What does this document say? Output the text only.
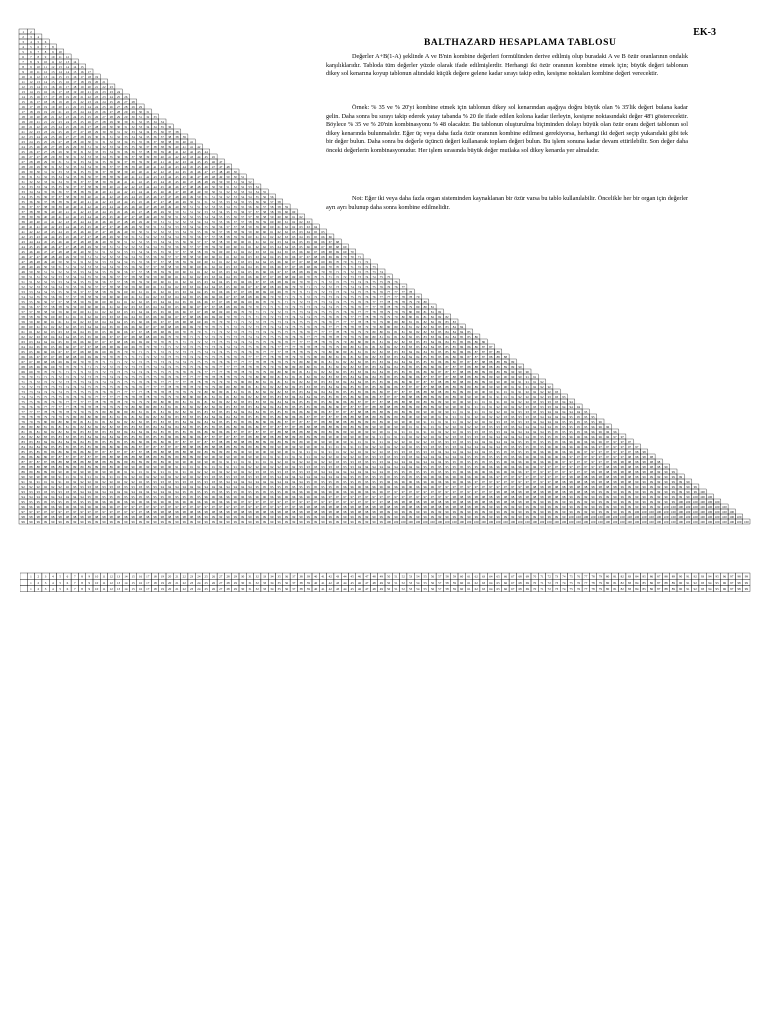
1 2
2 3 4
3 4 5 6
4 5 6 7 8
5 6 7 8 9 10
6 7 8 9 10 11 12
7 8 9 10 11 12 13 14
8 9 10 11 12 13 14 14 15
9 10 11 12 13 14 14 15 16 17
10 11 12 13 14 15 15 16 17 18 19
11 12 13 14 15 15 16 17 18 19 20 21
12 13 14 15 16 16 17 18 19 20 21 22 23
13 14 15 16 16 17 18 19 20 21 22 23 23 24
14 15 16 17 17 18 19 20 21 22 23 23 24 25 26
15 16 17 18 18 19 20 21 22 23 24 24 25 26 27 28
16 17 18 19 19 20 21 22 23 24 24 25 26 27 28 29 29
17 18 19 19 20 21 22 23 24 24 25 26 27 28 29 29 30 31
18 19 20 20 21 22 23 24 25 25 26 27 28 29 29 30 31 32 33
19 20 21 21 22 23 24 25 25 26 27 28 29 30 30 31 32 33 34 34
20 21 22 22 23 24 25 26 26 27 28 29 30 30 31 32 33 34 34 35 36
21 22 23 23 24 25 26 27 27 28 29 30 30 31 32 33 34 34 35 36 37 38
22 23 24 24 25 26 27 27 28 29 30 31 31 32 33 34 34 35 36 37 38 38 39
23 24 25 25 26 27 28 28 29 30 31 31 32 33 34 35 35 36 37 38 38 39 40 41
24 25 26 26 27 28 29 29 30 31 32 32 33 34 35 35 36 37 38 38 39 40 41 41 42
25 26 27 27 28 29 30 30 31 32 33 33 34 35 36 36 37 38 39 39 40 41 42 42 43 44
26 27 27 28 29 30 30 31 32 33 33 34 35 36 36 37 38 39 39 40 41 42 42 43 44 45 45
27 28 28 29 30 31 31 32 33 34 34 35 36 36 37 38 39 39 40 41 42 42 43 44 45 45 46 47
28 29 29 30 31 32 32 33 34 34 35 36 37 37 38 39 40 40 41 42 42 43 44 45 45 46 47 47 48
29 30 30 31 32 33 33 34 35 35 36 37 38 38 39 40 40 41 42 42 43 44 45 45 46 47 47 48 49 50
30 31 31 32 33 34 34 35 36 36 37 38 38 39 40 41 41 42 43 43 44 45 45 46 47 48 48 49 50 50 51
31 32 32 33 34 34 35 36 37 37 38 39 39 40 41 41 42 43 43 44 45 45 46 47 48 48 49 50 50 51 52 52
32 33 33 34 35 35 36 37 37 38 39 39 40 41 42 42 43 44 44 45 46 46 47 48 48 49 50 50 51 52 52 53 54
33 34 34 35 36 36 37 38 38 39 40 40 41 42 42 43 44 44 45 46 46 47 48 48 49 50 50 51 52 52 53 54 54 55
34 35 35 36 37 37 38 39 39 40 41 41 42 43 43 44 45 45 46 47 47 48 49 49 50 51 51 52 52 53 54 54 55 56 56
35 36 36 37 38 38 39 40 40 41 42 42 43 43 44 45 45 46 47 47 48 49 49 50 51 51 52 53 53 54 55 55 56 56 57 58
36 37 37 38 39 39 40 40 41 42 42 43 44 44 45 46 46 47 48 48 49 49 50 51 51 52 53 53 54 55 55 56 56 57 58 58 59
37 38 38 39 40 40 41 41 42 43 43 44 45 45 46 46 47 48 48 49 50 50 51 51 52 53 53 54 55 55 56 57 57 58 58 59 60 60
38 39 39 40 40 41 42 42 43 44 44 45 45 46 47 47 48 49 49 50 50 51 52 52 53 54 54 55 55 56 57 57 58 58 59 60 60 61 62
39 40 40 41 41 42 43 43 44 44 45 46 46 47 48 48 49 49 50 51 51 52 52 53 54 54 55 55 56 57 57 58 59 59 60 60 61 62 62 63
40 41 41 42 42 43 44 44 45 45 46 47 47 48 48 49 50 50 51 51 52 53 53 54 54 55 56 56 57 57 58 59 59 60 60 61 62 62 63 63 64
41 42 42 43 43 44 45 45 46 46 47 47 48 49 49 50 50 51 52 52 53 53 54 55 55 56 56 57 58 58 59 59 60 60 61 62 62 63 63 64 65 65
42 43 43 44 44 45 45 46 47 47 48 48 49 50 50 51 51 52 52 53 54 54 55 55 56 57 57 58 58 59 59 60 61 61 62 62 63 63 64 65 65 66 66
43 44 44 45 45 46 46 47 48 48 49 49 50 50 51 52 52 53 53 54 54 55 56 56 57 57 58 58 59 60 60 61 61 62 62 63 64 64 65 65 66 66 67 68
44 45 45 46 46 47 47 48 48 49 50 50 51 51 52 52 53 54 54 55 55 56 56 57 57 58 59 59 60 60 61 61 62 62 63 64 64 65 65 66 66 67 68 68 69
45 46 46 47 47 48 48 49 49 50 51 51 52 52 53 53 54 54 55 55 56 57 57 58 58 59 59 60 60 61 62 62 63 63 64 64 65 65 66 66 67 68 68 69 69 70
46 47 47 48 48 49 49 50 50 51 51 52 52 53 54 54 55 55 56 56 57 57 58 58 59 60 60 61 61 62 62 63 63 64 64 65 65 66 67 67 68 68 69 69 70 70 71
47 48 48 49 49 50 50 51 51 52 52 53 53 54 54 55 55 56 57 57 58 58 59 59 60 60 61 61 62 62 63 63 64 64 65 66 66 67 67 68 68 69 69 70 70 71 71 72
48 49 49 50 50 51 51 52 52 53 53 54 54 55 55 56 56 57 57 58 58 59 59 60 60 61 62 62 63 63 64 64 65 65 66 66 67 67 68 68 69 69 70 70 71 71 72 72 73
49 50 50 51 51 52 52 53 53 54 54 55 55 56 56 57 57 58 58 59 59 60 60 61 61 62 62 63 63 64 64 65 65 66 66 67 67 68 68 69 69 70 70 71 71 72 72 73 73 74
50 51 51 52 52 53 53 54 54 55 55 56 56 57 57 58 58 59 59 60 60 61 61 62 62 63 63 64 64 65 65 66 66 67 67 68 68 69 69 70 70 71 71 72 72 73 73 74 74 75 75
51 51 52 52 53 53 54 54 55 55 56 56 57 57 58 58 59 59 60 60 61 61 62 62 63 63 64 64 65 65 66 66 67 67 68 68 69 69 70 70 71 71 72 72 73 73 74 74 75 75 76 76
52 52 53 53 54 54 55 55 56 56 57 57 58 58 59 59 60 60 61 61 62 62 63 63 64 64 64 65 65 66 66 67 67 68 68 69 69 70 70 71 71 72 72 73 73 74 74 75 75 76 76 76 77
53 53 54 54 55 55 56 56 57 57 58 58 59 59 60 60 61 61 61 62 62 63 63 64 64 65 65 66 66 67 67 68 68 69 69 69 70 70 71 71 72 72 73 73 74 74 75 75 76 76 77 77 77 78
54 54 55 55 56 56 57 57 58 58 59 59 60 60 60 61 61 62 62 63 63 64 64 65 65 66 66 66 67 67 68 68 69 69 70 70 71 71 71 72 72 73 73 74 74 75 75 76 76 77 77 77 78 78 79
55 55 56 56 57 57 58 58 59 59 60 60 60 61 61 62 62 63 63 64 64 64 65 65 66 66 67 67 68 68 69 69 69 70 70 71 71 72 72 73 73 73 74 74 75 75 76 76 77 77 78 78 78 79 79 80
56 56 57 57 58 58 59 59 60 60 60 61 61 62 62 63 63 63 64 64 65 65 66 66 67 67 67 68 68 69 69 70 70 71 71 71 72 72 73 73 74 74 74 75 75 76 76 77 77 78 78 78 79 79 80 80 81
57 57 58 58 59 59 60 60 60 61 61 62 62 63 63 63 64 64 65 65 66 66 66 67 67 68 68 69 69 69 70 70 71 71 72 72 72 73 73 74 74 75 75 75 76 76 77 77 78 78 79 79 79 80 80 81 81 82
58 58 59 59 60 60 61 61 61 62 62 63 63 63 64 64 65 65 66 66 66 67 67 68 68 69 69 69 70 70 71 71 71 72 72 73 73 74 74 74 75 75 76 76 76 77 77 78 78 79 79 79 80 80 81 81 82 82 82
59 59 60 60 61 61 61 62 62 63 63 64 64 64 65 65 66 66 66 67 67 68 68 68 69 69 70 70 70 71 71 72 72 73 73 73 74 74 75 75 75 76 76 77 77 77 78 78 79 79 80 80 80 81 81 82 82 82 83 83
60 60 61 61 62 62 62 63 63 64 64 64 65 65 66 66 66 67 67 68 68 68 69 69 70 70 70 71 71 72 72 72 73 73 74 74 74 75 75 76 76 76 77 77 78 78 78 79 79 80 80 80 81 81 82 82 82 83 83 84 84
61 61 62 62 63 63 63 64 64 65 65 65 66 66 66 67 67 68 68 68 69 69 70 70 70 71 71 72 72 72 73 73 73 74 74 75 75 75 76 76 77 77 77 78 78 79 79 79 80 80 81 81 81 82 82 82 83 83 84 84 84 85
62 62 63 63 64 64 64 65 65 65 66 66 67 67 67 68 68 68 69 69 70 70 70 71 71 72 72 72 73 73 73 74 74 75 75 75 76 76 76 77 77 78 78 78 79 79 79 80 80 81 81 81 82 82 83 83 83 84 84 84 85 85 86
63 63 64 64 64 65 65 66 66 66 67 67 67 68 68 69 69 69 70 70 70 71 71 72 72 72 73 73 73 74 74 74 75 75 76 76 76 77 77 77 78 78 79 79 79 80 80 80 81 81 82 82 82 83 83 83 84 84 84 85 85 86 86 86
64 64 65 65 65 66 66 67 67 67 68 68 68 69 69 69 70 70 70 71 71 72 72 72 73 73 73 74 74 74 75 75 76 76 76 77 77 77 78 78 78 79 79 79 80 80 81 81 81 82 82 82 83 83 83 84 84 85 85 85 86 86 86 87 87
65 65 66 66 66 67 67 67 68 68 69 69 69 70 70 70 71 71 71 72 72 72 73 73 73 74 74 74 75 75 76 76 76 77 77 77 78 78 78 79 79 79 80 80 80 81 81 81 82 82 83 83 83 84 84 84 85 85 85 86 86 86 87 87 87 88
66 66 67 67 67 68 68 68 69 69 69 70 70 70 71 71 71 72 72 72 73 73 73 74 74 75 75 75 76 76 76 77 77 77 78 78 78 79 79 79 80 80 80 81 81 81 82 82 82 83 83 83 84 84 84 85 85 85 86 86 86 87 87 87 88 88 88
67 67 68 68 68 69 69 69 70 70 70 71 71 71 72 72 72 73 73 73 74 74 74 75 75 75 76 76 76 77 77 77 78 78 78 79 79 79 80 80 80 81 81 81 82 82 82 83 83 83 84 84 84 84 85 85 85 86 86 86 87 87 87 88 88 88 89 89
68 68 69 69 69 70 70 70 71 71 71 72 72 72 72 73 73 73 74 74 74 75 75 75 76 76 76 77 77 77 78 78 78 79 79 79 80 80 80 80 81 81 81 82 82 82 83 83 83 84 84 84 85 85 85 86 86 86 87 87 87 88 88 88 88 89 89 89 90
69 69 70 70 70 71 71 71 71 72 72 72 73 73 73 74 74 74 75 75 75 76 76 76 76 77 77 77 78 78 78 79 79 79 80 80 80 80 81 81 81 82 82 82 83 83 83 84 84 84 85 85 85 85 86 86 86 87 87 87 88 88 88 89 89 89 89 90 90 90
70 70 71 71 71 72 72 72 72 73 73 73 74 74 74 75 75 75 75 76 76 76 77 77 77 78 78 78 78 79 79 79 80 80 80 81 81 81 81 82 82 82 83 83 83 84 84 84 84 85 85 85 86 86 86 87 87 87 87 88 88 88 89 89 89 90 90 90 90 91 91
71 71 72 72 72 72 73 73 73 74 74 74 74 75 75 75 76 76 76 77 77 77 77 78 78 78 79 79 79 79 80 80 80 81 81 81 81 82 82 82 83 83 83 83 84 84 84 85 85 85 86 86 86 86 87 87 87 88 88 88 88 89 89 89 90 90 90 90 91 91 91 92
72 72 73 73 73 73 74 74 74 75 75 75 75 76 76 76 76 77 77 77 78 78 78 78 79 79 79 80 80 80 80 81 81 81 82 82 82 82 83 83 83 83 84 84 84 85 85 85 85 86 86 86 87 87 87 87 88 88 88 89 89 89 89 90 90 90 90 91 91 91 92 92 92
73 73 74 74 74 74 75 75 75 75 76 76 76 77 77 77 77 78 78 78 78 79 79 79 79 80 80 80 81 81 81 81 82 82 82 82 83 83 83 84 84 84 84 85 85 85 85 86 86 86 87 87 87 87 88 88 88 88 89 89 89 89 90 90 90 91 91 91 91 92 92 92 92 93
74 74 75 75 75 75 76 76 76 76 77 77 77 77 78 78 78 78 79 79 79 79 80 80 80 81 81 81 81 82 82 82 82 83 83 83 83 84 84 84 84 85 85 85 85 86 86 86 86 87 87 87 88 88 88 88 89 89 89 89 90 90 90 90 91 91 91 91 92 92 92 92 93 93 93
75 75 76 76 76 76 77 77 77 77 78 78 78 78 79 79 79 79 80 80 80 80 81 81 81 81 82 82 82 82 83 83 83 83 84 84 84 84 85 85 85 85 86 86 86 86 87 87 87 87 88 88 88 88 89 89 89 89 90 90 90 90 91 91 91 91 92 92 92 92 93 93 93 93 94 94
76 76 76 77 77 77 77 78 78 78 78 79 79 79 79 80 80 80 80 81 81 81 81 82 82 82 82 82 83 83 83 83 84 84 84 84 85 85 85 85 86 86 86 86 87 87 87 87 88 88 88 88 88 89 89 89 89 90 90 90 90 91 91 91 91 92 92 92 92 93 93 93 93 94 94 94 94
77 77 77 78 78 78 78 79 79 79 79 80 80 80 80 80 81 81 81 81 82 82 82 82 83 83 83 83 83 84 84 84 84 85 85 85 85 86 86 86 86 86 87 87 87 87 88 88 88 88 89 89 89 89 89 90 90 90 90 91 91 91 91 91 92 92 92 92 93 93 93 93 94 94 94 94 94 95
78 78 78 79 79 79 79 80 80 80 80 80 81 81 81 81 82 82 82 82 82 83 83 83 83 84 84 84 84 84 85 85 85 85 85 86 86 86 86 87 87 87 87 87 88 88 88 88 89 89 89 89 89 90 90 90 90 91 91 91 91 91 92 92 92 92 93 93 93 93 93 94 94 94 94 95 95 95 95
79 79 79 80 80 80 80 80 81 81 81 81 82 82 82 82 82 83 83 83 83 83 84 84 84 84 84 85 85 85 85 86 86 86 86 86 87 87 87 87 87 88 88 88 88 88 89 89 89 89 90 90 90 90 90 91 91 91 91 91 92 92 92 92 92 93 93 93 93 93 94 94 94 94 95 95 95 95 95 96
80 80 80 81 81 81 81 81 82 82 82 82 82 83 83 83 83 83 84 84 84 84 84 85 85 85 85 85 86 86 86 86 86 87 87 87 87 87 88 88 88 88 88 89 89 89 89 89 90 90 90 90 90 91 91 91 91 91 92 92 92 92 92 93 93 93 93 93 94 94 94 94 94 95 95 95 95 95 96 96 96
81 81 81 82 82 82 82 82 83 83 83 83 83 83 84 84 84 84 84 85 85 85 85 85 86 86 86 86 86 87 87 87 87 87 87 88 88 88 88 88 89 89 89 89 89 90 90 90 90 90 91 91 91 91 91 91 92 92 92 92 92 93 93 93 93 93 94 94 94 94 94 94 95 95 95 95 95 96 96 96 96 96
82 82 82 83 83 83 83 83 83 84 84 84 84 84 85 85 85 85 85 85 86 86 86 86 86 87 87 87 87 87 87 88 88 88 88 88 88 89 89 89 89 89 90 90 90 90 90 90 91 91 91 91 91 92 92 92 92 92 92 93 93 93 93 93 94 94 94 94 94 94 95 95 95 95 95 96 96 96 96 96 96 97 97
83 83 83 84 84 84 84 84 84 85 85 85 85 85 85 86 86 86 86 86 86 87 87 87 87 87 87 88 88 88 88 88 88 89 89 89 89 89 89 90 90 90 90 90 90 91 91 91 91 91 92 92 92 92 92 92 93 93 93 93 93 93 94 94 94 94 94 94 95 95 95 95 95 95 96 96 96 96 96 96 97 97 97 97
84 84 84 84 85 85 85 85 85 85 86 86 86 86 86 86 87 87 87 87 87 87 88 88 88 88 88 88 88 89 89 89 89 89 89 90 90 90 90 90 90 91 91 91 91 91 91 92 92 92 92 92 92 92 93 93 93 93 93 93 94 94 94 94 94 94 95 95 95 95 95 95 96 96 96 96 96 96 96 97 97 97 97 97 97
85 85 85 85 86 86 86 86 86 86 87 87 87 87 87 87 87 88 88 88 88 88 88 88 89 89 89 89 89 89 90 90 90 90 90 90 90 91 91 91 91 91 91 91 92 92 92 92 92 92 93 93 93 93 93 93 93 94 94 94 94 94 94 94 95 95 95 95 95 95 96 96 96 96 96 96 96 97 97 97 97 97 97 97 98 98
86 86 86 86 87 87 87 87 87 87 87 88 88 88 88 88 88 88 89 89 89 89 89 89 89 90 90 90 90 90 90 90 90 91 91 91 91 91 91 91 92 92 92 92 92 92 92 93 93 93 93 93 93 93 94 94 94 94 94 94 94 95 95 95 95 95 95 95 96 96 96 96 96 96 96 97 97 97 97 97 97 97 97 98 98 98 98
87 87 87 87 88 88 88 88 88 88 88 88 89 89 89 89 89 89 89 89 90 90 90 90 90 90 90 91 91 91 91 91 91 91 91 92 92 92 92 92 92 92 92 93 93 93 93 93 93 93 94 94 94 94 94 94 94 94 95 95 95 95 95 95 95 95 96 96 96 96 96 96 96 96 97 97 97 97 97 97 97 98 98 98 98 98 98 98
88 88 88 88 88 89 89 89 89 89 89 89 89 90 90 90 90 90 90 90 90 91 91 91 91 91 91 91 91 91 92 92 92 92 92 92 92 92 93 93 93 93 93 93 93 93 94 94 94 94 94 94 94 94 94 95 95 95 95 95 95 95 95 96 96 96 96 96 96 96 96 97 97 97 97 97 97 97 97 97 98 98 98 98 98 98 98 98 99
89 89 89 89 89 90 90 90 90 90 90 90 90 90 91 91 91 91 91 91 91 91 91 92 92 92 92 92 92 92 92 92 93 93 93 93 93 93 93 93 93 94 94 94 94 94 94 94 94 94 95 95 95 95 95 95 95 95 95 95 96 96 96 96 96 96 96 96 96 97 97 97 97 97 97 97 97 97 98 98 98 98 98 98 98 98 98 99 99 99
90 90 90 90 90 91 91 91 91 91 91 91 91 91 91 92 92 92 92 92 92 92 92 92 92 93 93 93 93 93 93 93 93 93 93 94 94 94 94 94 94 94 94 94 94 95 95 95 95 95 95 95 95 95 95 96 96 96 96 96 96 96 96 96 96 97 97 97 97 97 97 97 97 97 97 98 98 98 98 98 98 98 98 98 98 99 99 99 99 99 99
91 91 91 91 91 91 92 92 92 92 92 92 92 92 92 92 92 93 93 93 93 93 93 93 93 93 93 93 94 94 94 94 94 94 94 94 94 94 94 95 95 95 95 95 95 95 95 95 95 95 96 96 96 96 96 96 96 96 96 96 96 96 97 97 97 97 97 97 97 97 97 97 97 98 98 98 98 98 98 98 98 98 98 98 99 99 99 99 99 99 99 99
92 92 92 92 92 92 92 93 93 93 93 93 93 93 93 93 93 93 93 94 94 94 94 94 94 94 94 94 94 94 94 94 95 95 95 95 95 95 95 95 95 95 95 95 96 96 96 96 96 96 96 96 96 96 96 96 96 97 97 97 97 97 97 97 97 97 97 97 97 98 98 98 98 98 98 98 98 98 98 98 98 98 99 99 99 99 99 99 99 99 99 99 99
93 93 93 93 93 93 93 93 94 94 94 94 94 94 94 94 94 94 94 94 94 94 95 95 95 95 95 95 95 95 95 95 95 95 95 95 96 96 96 96 96 96 96 96 96 96 96 96 96 96 97 97 97 97 97 97 97 97 97 97 97 97 97 97 97 98 98 98 98 98 98 98 98 98 98 98 98 98 98 99 99 99 99 99 99 99 99 99 99 99 99 99 99 100
94 94 94 94 94 94 94 94 94 95 95 95 95 95 95 95 95 95 95 95 95 95 95 95 95 96 96 96 96 96 96 96 96 96 96 96 96 96 96 96 96 96 97 97 97 97 97 97 97 97 97 97 97 97 97 97 97 97 97 98 98 98 98 98 98 98 98 98 98 98 98 98 98 98 98 99 99 99 99 99 99 99 99 99 99 99 99 99 99 99 99 99 100 100 100
95 95 95 95 95 95 95 95 95 95 96 96 96 96 96 96 96 96 96 96 96 96 96 96 96 96 96 96 96 96 97 97 97 97 97 97 97 97 97 97 97 97 97 97 97 97 97 97 97 97 98 98 98 98 98 98 98 98 98 98 98 98 98 98 98 98 98 98 98 98 99 99 99 99 99 99 99 99 99 99 99 99 99 99 99 99 99 99 99 99 100 100 100 100 100 100
96 96 96 96 96 96 96 96 96 96 96 96 96 97 97 97 97 97 97 97 97 97 97 97 97 97 97 97 97 97 97 97 97 97 97 97 97 97 98 98 98 98 98 98 98 98 98 98 98 98 98 98 98 98 98 98 98 98 98 98 98 98 98 99 99 99 99 99 99 99 99 99 99 99 99 99 99 99 99 99 99 99 99 99 99 99 99 99 100 100 100 100 100 100 100 100 100
97 97 97 97 97 97 97 97 97 97 97 97 97 97 97 97 97 98 98 98 98 98 98 98 98 98 98 98 98 98 98 98 98 98 98 98 98 98 98 98 98 98 98 98 98 98 98 98 98 98 99 99 99 99 99 99 99 99 99 99 99 99 99 99 99 99 99 99 99 99 99 99 99 99 99 99 99 99 99 99 99 99 99 99 100 100 100 100 100 100 100 100 100 100 100 100 100 100
98 98 98 98 98 98 98 98 98 98 98 98 98 98 98 98 98 98 98 98 98 98 98 98 98 99 99 99 99 99 99 99 99 99 99 99 99 99 99 99 99 99 99 99 99 99 99 99 99 99 99 99 99 99 99 99 99 99 99 99 99 99 99 99 99 99 99 99 99 99 99 99 99 99 99 100 100 100 100 100 100 100 100 100 100 100 100 100 100 100 100 100 100 100 100 100 100 100 100
99 99 99 99 99 99 99 99 99 99 99 99 99 99 99 99 99 99 99 99 99 99 99 99 99 99 99 99 99 99 99 99 99 99 99 99 99 99 99 99 99 99 99 99 99 99 99 99 99 99 100 100 100 100 100 100 100 100 100 100 100 100 100 100 100 100 100 100 100 100 100 100 100 100 100 100 100 100 100 100 100 100 100 100 100 100 100 100 100 100 100 100 100 100 100 100 100 100 100 100
EK-3
BALTHAZARD HESAPLAMA TABLOSU
Değerler A+B(1-A) şeklinde A ve B'nin kombine değerleri formülünden derive edilmiş olup buradaki A ve B özür oranlarının ondalık karşılıklarıdır. Tabloda tüm değerler yüzde olarak ifade edilmişlerdir. Herhangi iki özür oranının kombine etmek için; büyük değeri tablonun dikey sol kenarına koyup tablonun altındaki küçük değere gelene kadar sırayı takip edin, kesişme noktaları kombine değeri verecektir.
Örnek: % 35 ve % 20'yi kombine etmek için tablonun dikey sol kenarından aşağıya doğru büyük olan % 35'lik değeri bulana kadar gelin. Daha sonra bu sırayı takip ederek yatay tabanda % 20 ile ifade edilen kolona kadar ilerleyin, kesişme noktasındaki değer 48'i gösterecektir. Böylece % 35 ve % 20'nin kombinasyonu % 48 olacaktır. Bu tablonun oluşturulma biçiminden dolayı büyük olan özür oranı değeri tablonun sol dikey kenarında bulunmalıdır. Eğer üç veya daha fazla özür oranının kombine edilmesi gerekiyorsa, herhangi iki değeri seçip yukarıdaki gibi tek bir değer bulun. Daha sonra bu değerle üçüncü değeri kullanarak toplam değeri bulun. Bu işlem sonuna kadar devam ettirilebilir. Son değer daha önceki değerlerin kombinasyonudur. Her işlem sırasında büyük değer mutlaka sol dikey kenarda yer almalıdır.
Not: Eğer iki veya daha fazla organ sisteminden kaynaklanan bir özür varsa bu tablo kullanılabilir. Öncelikle her bir organ için değerler ayrı ayrı bulunup daha sonra kombine edilmelidir.
1 2 3 4 5 6 7 8 9 10 11 12 13 14 15 16 17 18 19 20 21 22 23 24 25 26 27 28 29 30 31 32 33 34 35 36 37 38 39 40 41 42 43 44 45 46 47 48 49 50 51 52 53 54 55 56 57 58 59 60 61 62 63 64 65 66 67 68 69 70 71 72 73 74 75 76 77 78 79 80 81 82 83 84 85 86 87 88 89 90 91 92 93 94 95 96 97 98 99
1 2 3 4 5 6 7 8 9 10 11 12 13 14 15 16 17 18 19 20 21 22 23 24 25 26 27 28 29 30 31 32 33 34 35 36 37 38 39 40 41 42 43 44 45 46 47 48 49 50 51 52 53 54 55 56 57 58 59 60 61 62 63 64 65 66 67 68 69 70 71 72 73 74 75 76 77 78 79 80 81 82 83 84 85 86 87 88 89 90 91 92 93 94 95 96 97 98 99
1 2 3 4 5 6 7 8 9 10 11 12 13 14 15 16 17 18 19 20 21 22 23 24 25 26 27 28 29 30 31 32 33 34 35 36 37 38 39 40 41 42 43 44 45 46 47 48 49 50 51 52 53 54 55 56 57 58 59 60 61 62 63 64 65 66 67 68 69 70 71 72 73 74 75 76 77 78 79 80 81 82 83 84 85 86 87 88 89 90 91 92 93 94 95 96 97 98 99
